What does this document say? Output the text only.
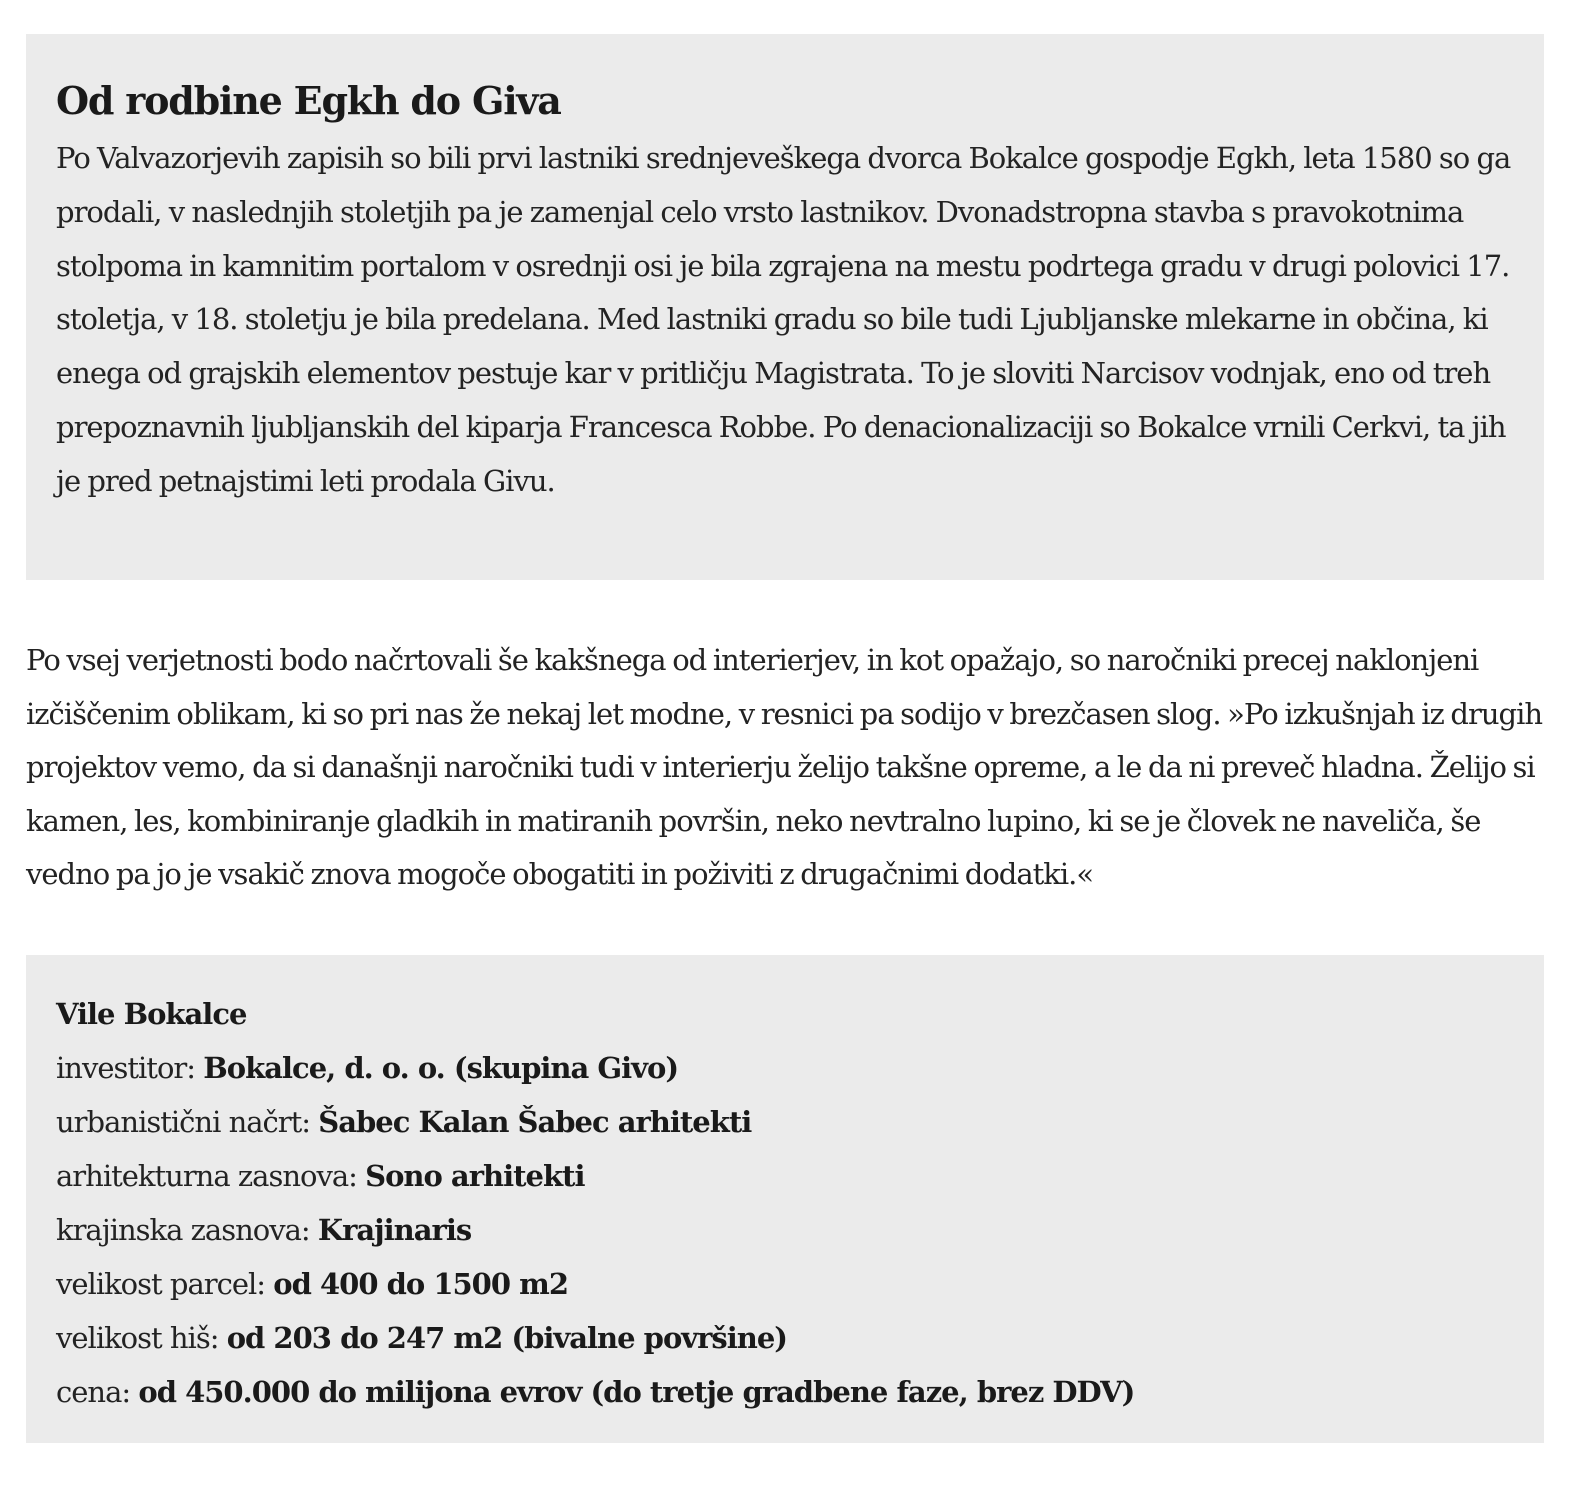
Od rodbine Egkh do Giva

Po Valvazorjevih zapisih so bili prvi lastniki srednjeveškega dvorca Bokalce gospodje Egkh, leta 1580 so ga prodali, v naslednjih stoletjih pa je zamenjal celo vrsto lastnikov. Dvonadstropna stavba s pravokotnima stolpoma in kamnitim portalom v osrednji osi je bila zgrajena na mestu podrtega gradu v drugi polovici 17. stoletja, v 18. stoletju je bila predelana. Med lastniki gradu so bile tudi Ljubljanske mlekarne in občina, ki enega od grajskih elementov pestuje kar v pritličju Magistrata. To je sloviti Narcisov vodnjak, eno od treh prepoznavnih ljubljanskih del kiparja Francesca Robbe. Po denacionalizaciji so Bokalce vrnili Cerkvi, ta jih je pred petnajstimi leti prodala Givu.

Po vsej verjetnosti bodo načrtovali še kakšnega od interierjev, in kot opažajo, so naročniki precej naklonjeni izčiščenim oblikam, ki so pri nas že nekaj let modne, v resnici pa sodijo v brezčasen slog. »Po izkušnjah iz drugih projektov vemo, da si današnji naročniki tudi v interierju želijo takšne opreme, a le da ni preveč hladna. Želijo si kamen, les, kombiniranje gladkih in matiranih površin, neko nevtralno lupino, ki se je človek ne naveliča, še vedno pa jo je vsakič znova mogoče obogatiti in poživiti z drugačnimi dodatki.«

Vile Bokalce
investitor: Bokalce, d. o. o. (skupina Givo)
urbanistični načrt: Šabec Kalan Šabec arhitekti
arhitekturna zasnova: Sono arhitekti
krajinska zasnova: Krajinaris
velikost parcel: od 400 do 1500 m2
velikost hiš: od 203 do 247 m2 (bivalne površine)
cena: od 450.000 do milijona evrov (do tretje gradbene faze, brez DDV)
